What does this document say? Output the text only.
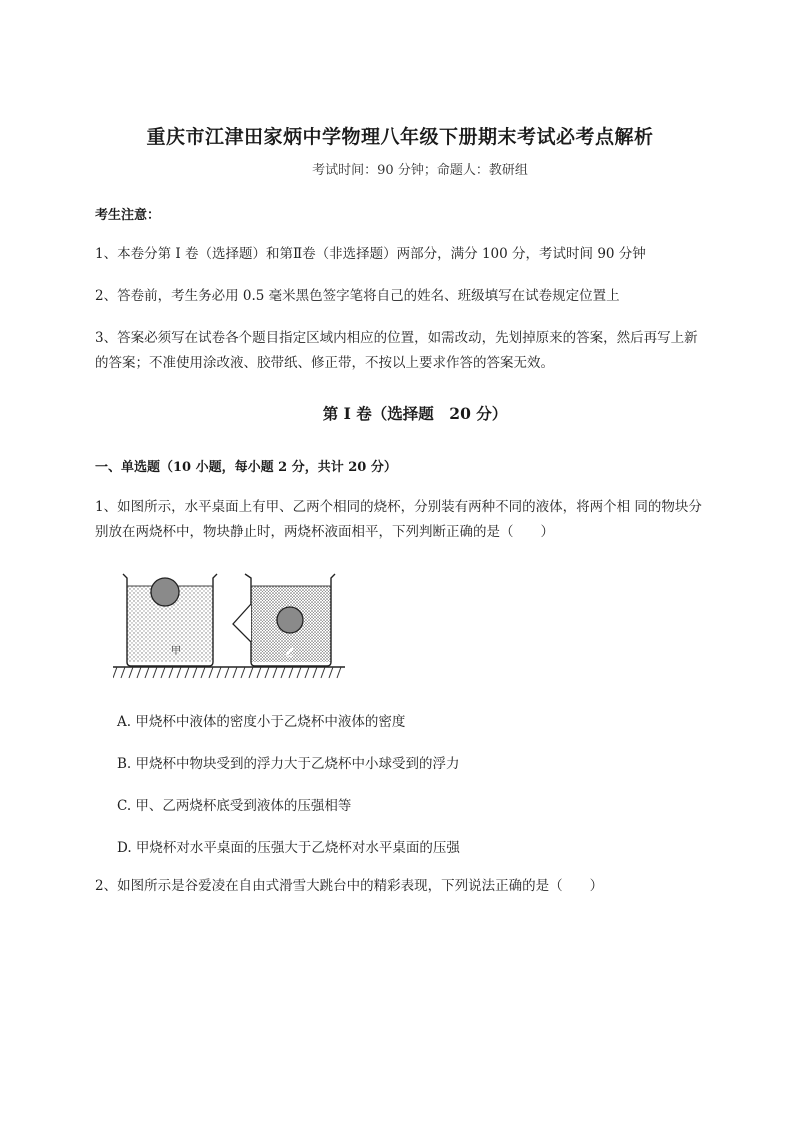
重庆市江津田家炳中学物理八年级下册期末考试必考点解析
考试时间：90 分钟；命题人：教研组
考生注意：
1、本卷分第 I 卷（选择题）和第Ⅱ卷（非选择题）两部分，满分 100 分，考试时间 90 分钟
2、答卷前，考生务必用 0.5 毫米黑色签字笔将自己的姓名、班级填写在试卷规定位置上
3、答案必须写在试卷各个题目指定区域内相应的位置，如需改动，先划掉原来的答案，然后再写上新的答案；不准使用涂改液、胶带纸、修正带，不按以上要求作答的答案无效。
第 I 卷（选择题　20 分）
一、单选题（10 小题，每小题 2 分，共计 20 分）
1、如图所示，水平桌面上有甲、乙两个相同的烧杯，分别装有两种不同的液体，将两个相 同的物块分别放在两烧杯中，物块静止时，两烧杯液面相平，下列判断正确的是（　　）
甲	乙
A. 甲烧杯中液体的密度小于乙烧杯中液体的密度
B. 甲烧杯中物块受到的浮力大于乙烧杯中小球受到的浮力
C. 甲、乙两烧杯底受到液体的压强相等
D. 甲烧杯对水平桌面的压强大于乙烧杯对水平桌面的压强
2、如图所示是谷爱凌在自由式滑雪大跳台中的精彩表现，下列说法正确的是（　　）
